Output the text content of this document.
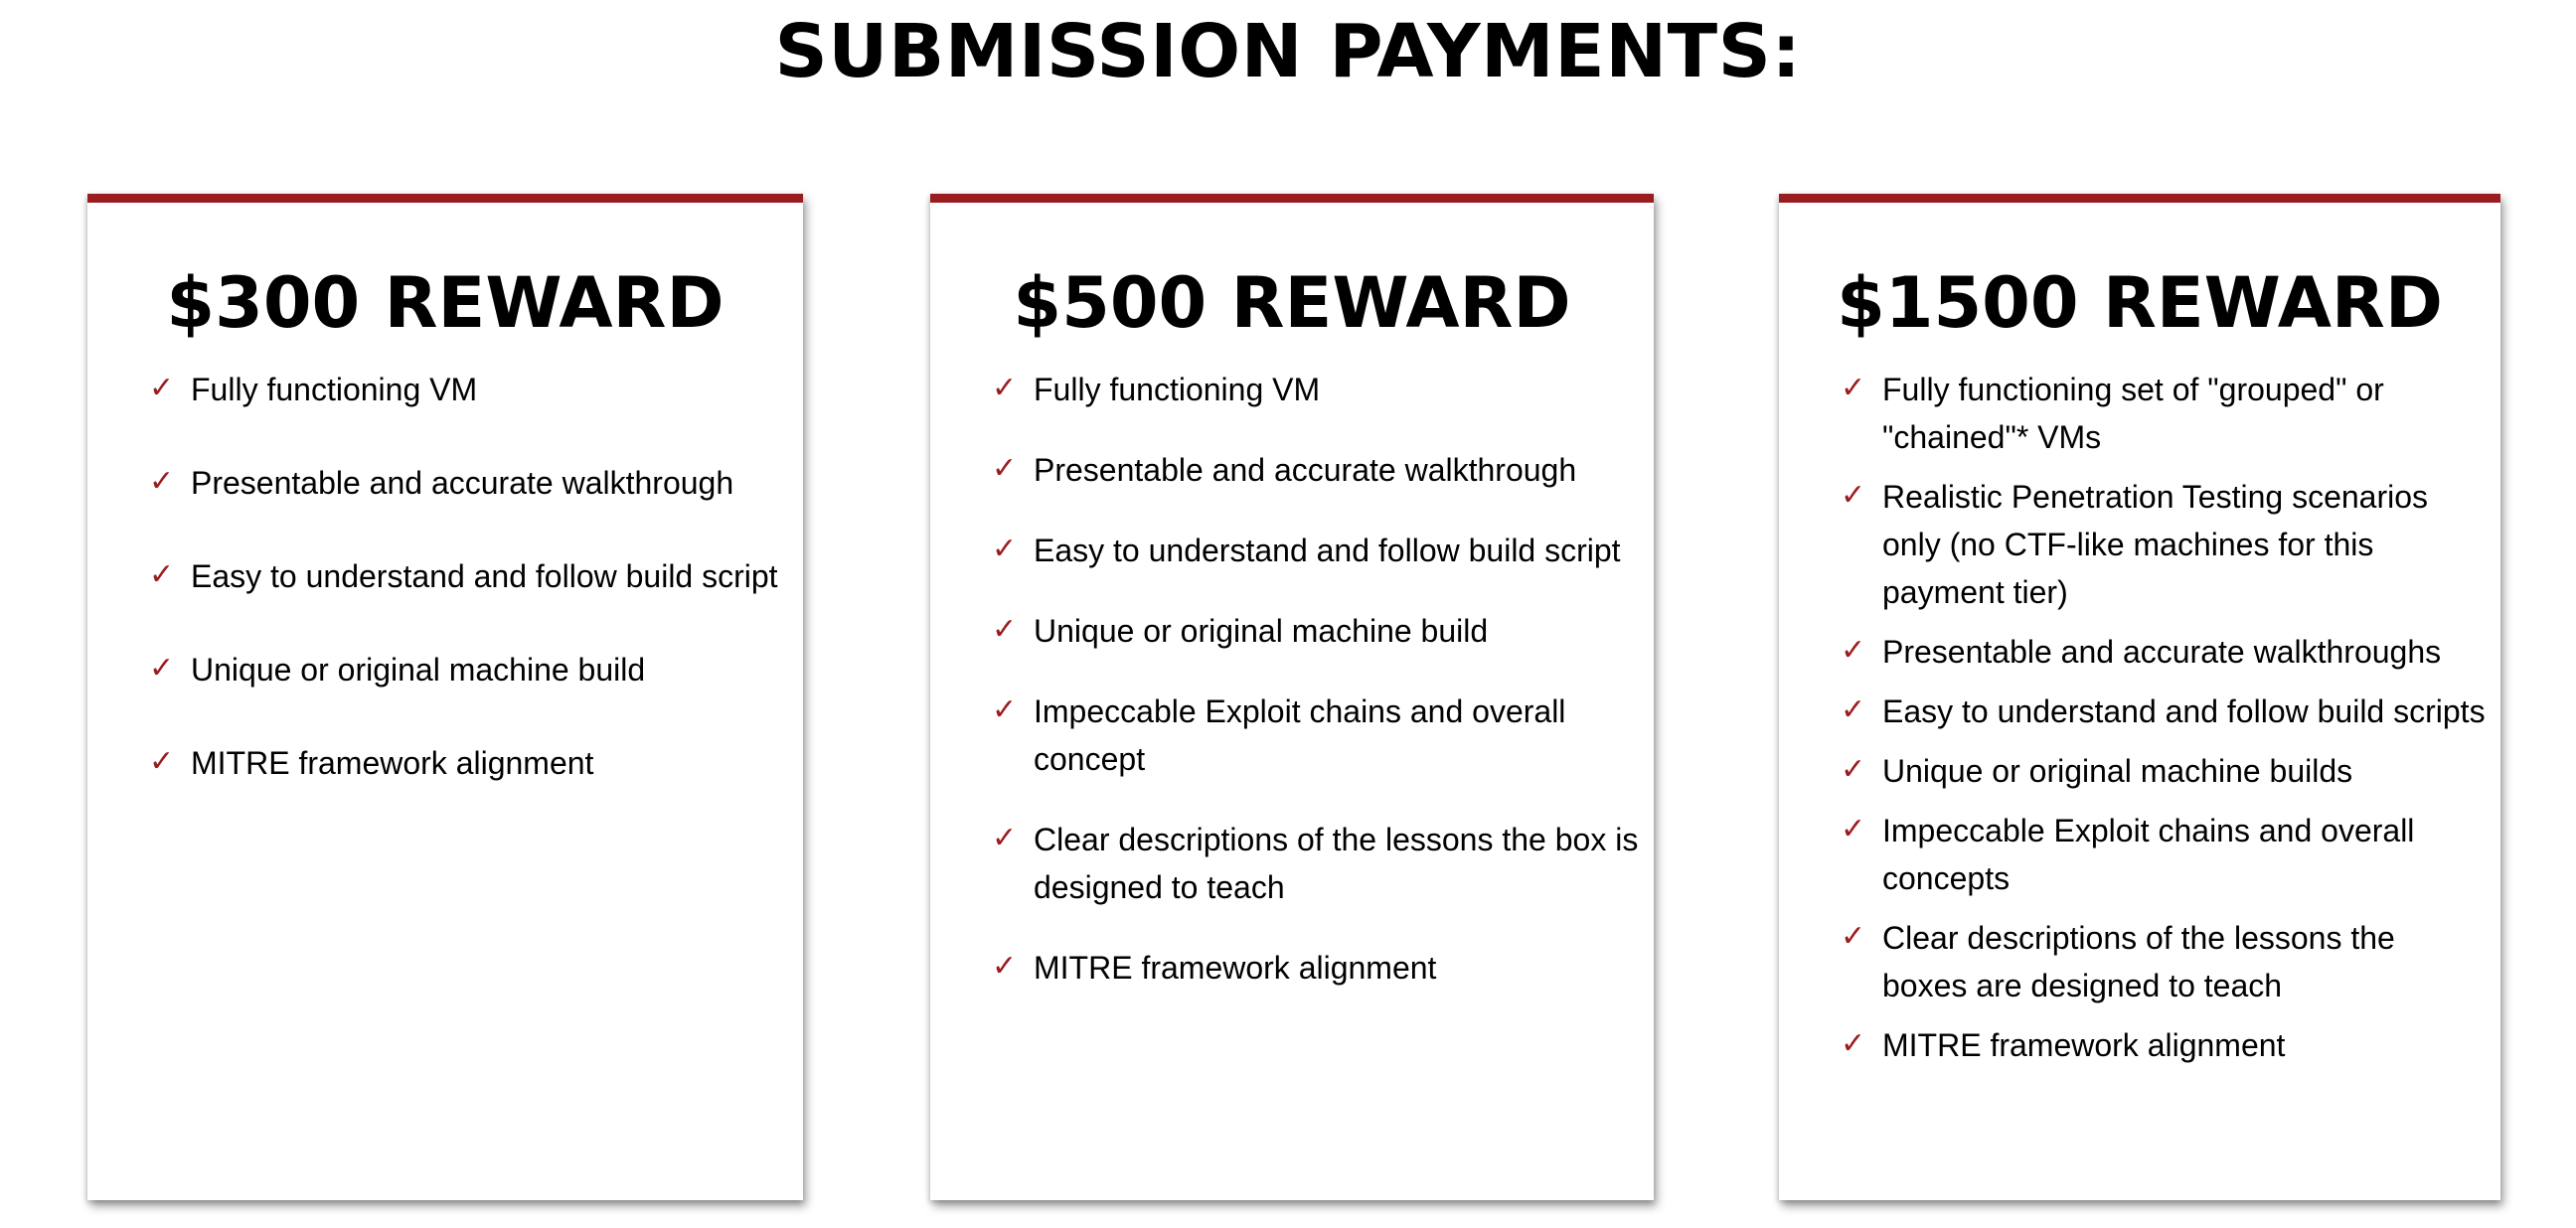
SUBMISSION PAYMENTS:
$300 REWARD
✓ Fully functioning VM
✓ Presentable and accurate walkthrough
✓ Easy to understand and follow build script
✓ Unique or original machine build
✓ MITRE framework alignment
$500 REWARD
✓ Fully functioning VM
✓ Presentable and accurate walkthrough
✓ Easy to understand and follow build script
✓ Unique or original machine build
✓ Impeccable Exploit chains and overall concept
✓ Clear descriptions of the lessons the box is designed to teach
✓ MITRE framework alignment
$1500 REWARD
✓ Fully functioning set of "grouped" or "chained"* VMs
✓ Realistic Penetration Testing scenarios only (no CTF-like machines for this payment tier)
✓ Presentable and accurate walkthroughs
✓ Easy to understand and follow build scripts
✓ Unique or original machine builds
✓ Impeccable Exploit chains and overall concepts
✓ Clear descriptions of the lessons the boxes are designed to teach
✓ MITRE framework alignment
